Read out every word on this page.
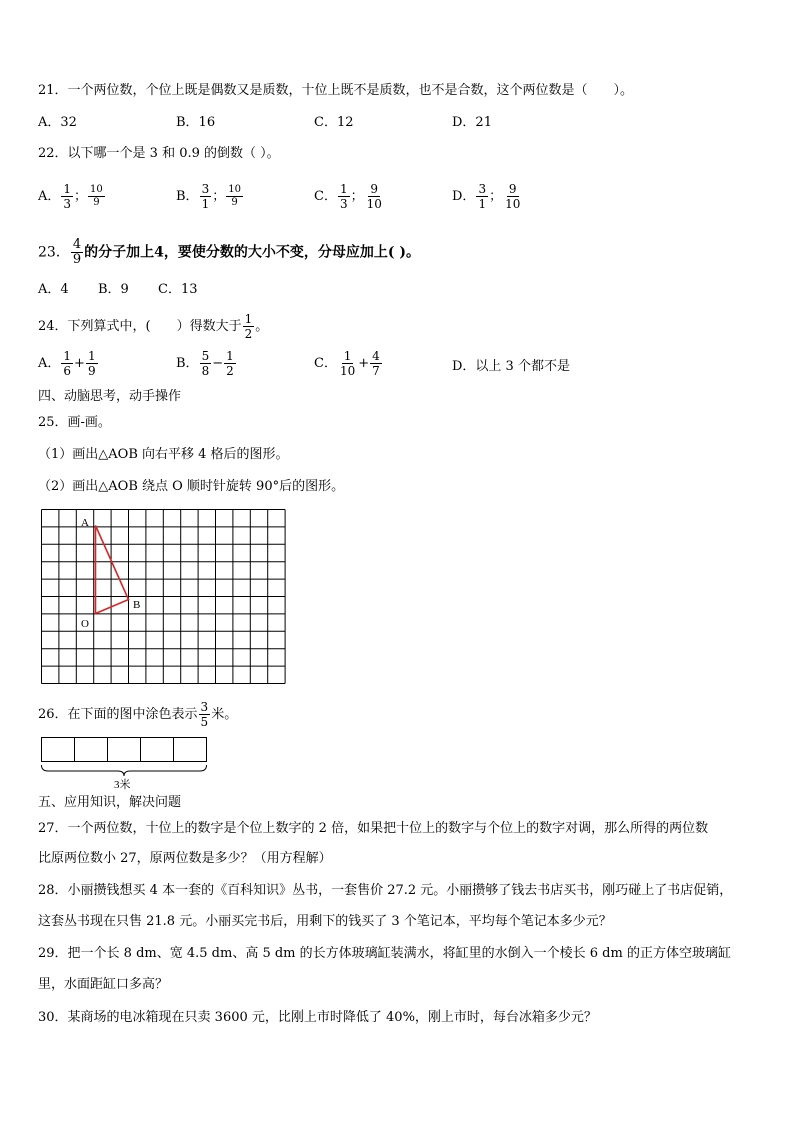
21．一个两位数，个位上既是偶数又是质数，十位上既不是质数，也不是合数，这个两位数是（　　）。
A．32	B．16	C．12	D．21
22．以下哪一个是 3 和 0.9 的倒数（ ）。
A． $\frac{1}{3}$ ； $\frac{10}{9}$	B． $\frac{3}{1}$ ； $\frac{10}{9}$	C． $\frac{1}{3}$ ； $\frac{9}{10}$	D． $\frac{3}{1}$ ； $\frac{9}{10}$
23． $\frac{4}{9}$ 的分子加上4，要使分数的大小不变，分母应加上( )。
A．4 B．9 C．13
24．下列算式中，(　　）得数大于 $\frac{1}{2}$ 。
A． $\frac{1}{6} + \frac{1}{9}$	B． $\frac{5}{8} - \frac{1}{2}$	C． $\frac{1}{10} + \frac{4}{7}$	D．以上 3 个都不是
四、动脑思考，动手操作
25．画-画。
（1）画出△AOB 向右平移 4 格后的图形。
（2）画出△AOB 绕点 O 顺时针旋转 90°后的图形。
A
B
O
26．在下面的图中涂色表示 $\frac{3}{5}$ 米。
3米
五、应用知识，解决问题
27．一个两位数，十位上的数字是个位上数字的 2 倍，如果把十位上的数字与个位上的数字对调，那么所得的两位数
比原两位数小 27，原两位数是多少？（用方程解）
28．小丽攒钱想买 4 本一套的《百科知识》丛书，一套售价 27.2 元。小丽攒够了钱去书店买书，刚巧碰上了书店促销，
这套丛书现在只售 21.8 元。小丽买完书后，用剩下的钱买了 3 个笔记本，平均每个笔记本多少元？
29．把一个长 8 dm、宽 4.5 dm、高 5 dm 的长方体玻璃缸装满水，将缸里的水倒入一个棱长 6 dm 的正方体空玻璃缸
里，水面距缸口多高？
30．某商场的电冰箱现在只卖 3600 元，比刚上市时降低了 40%，刚上市时，每台冰箱多少元？
